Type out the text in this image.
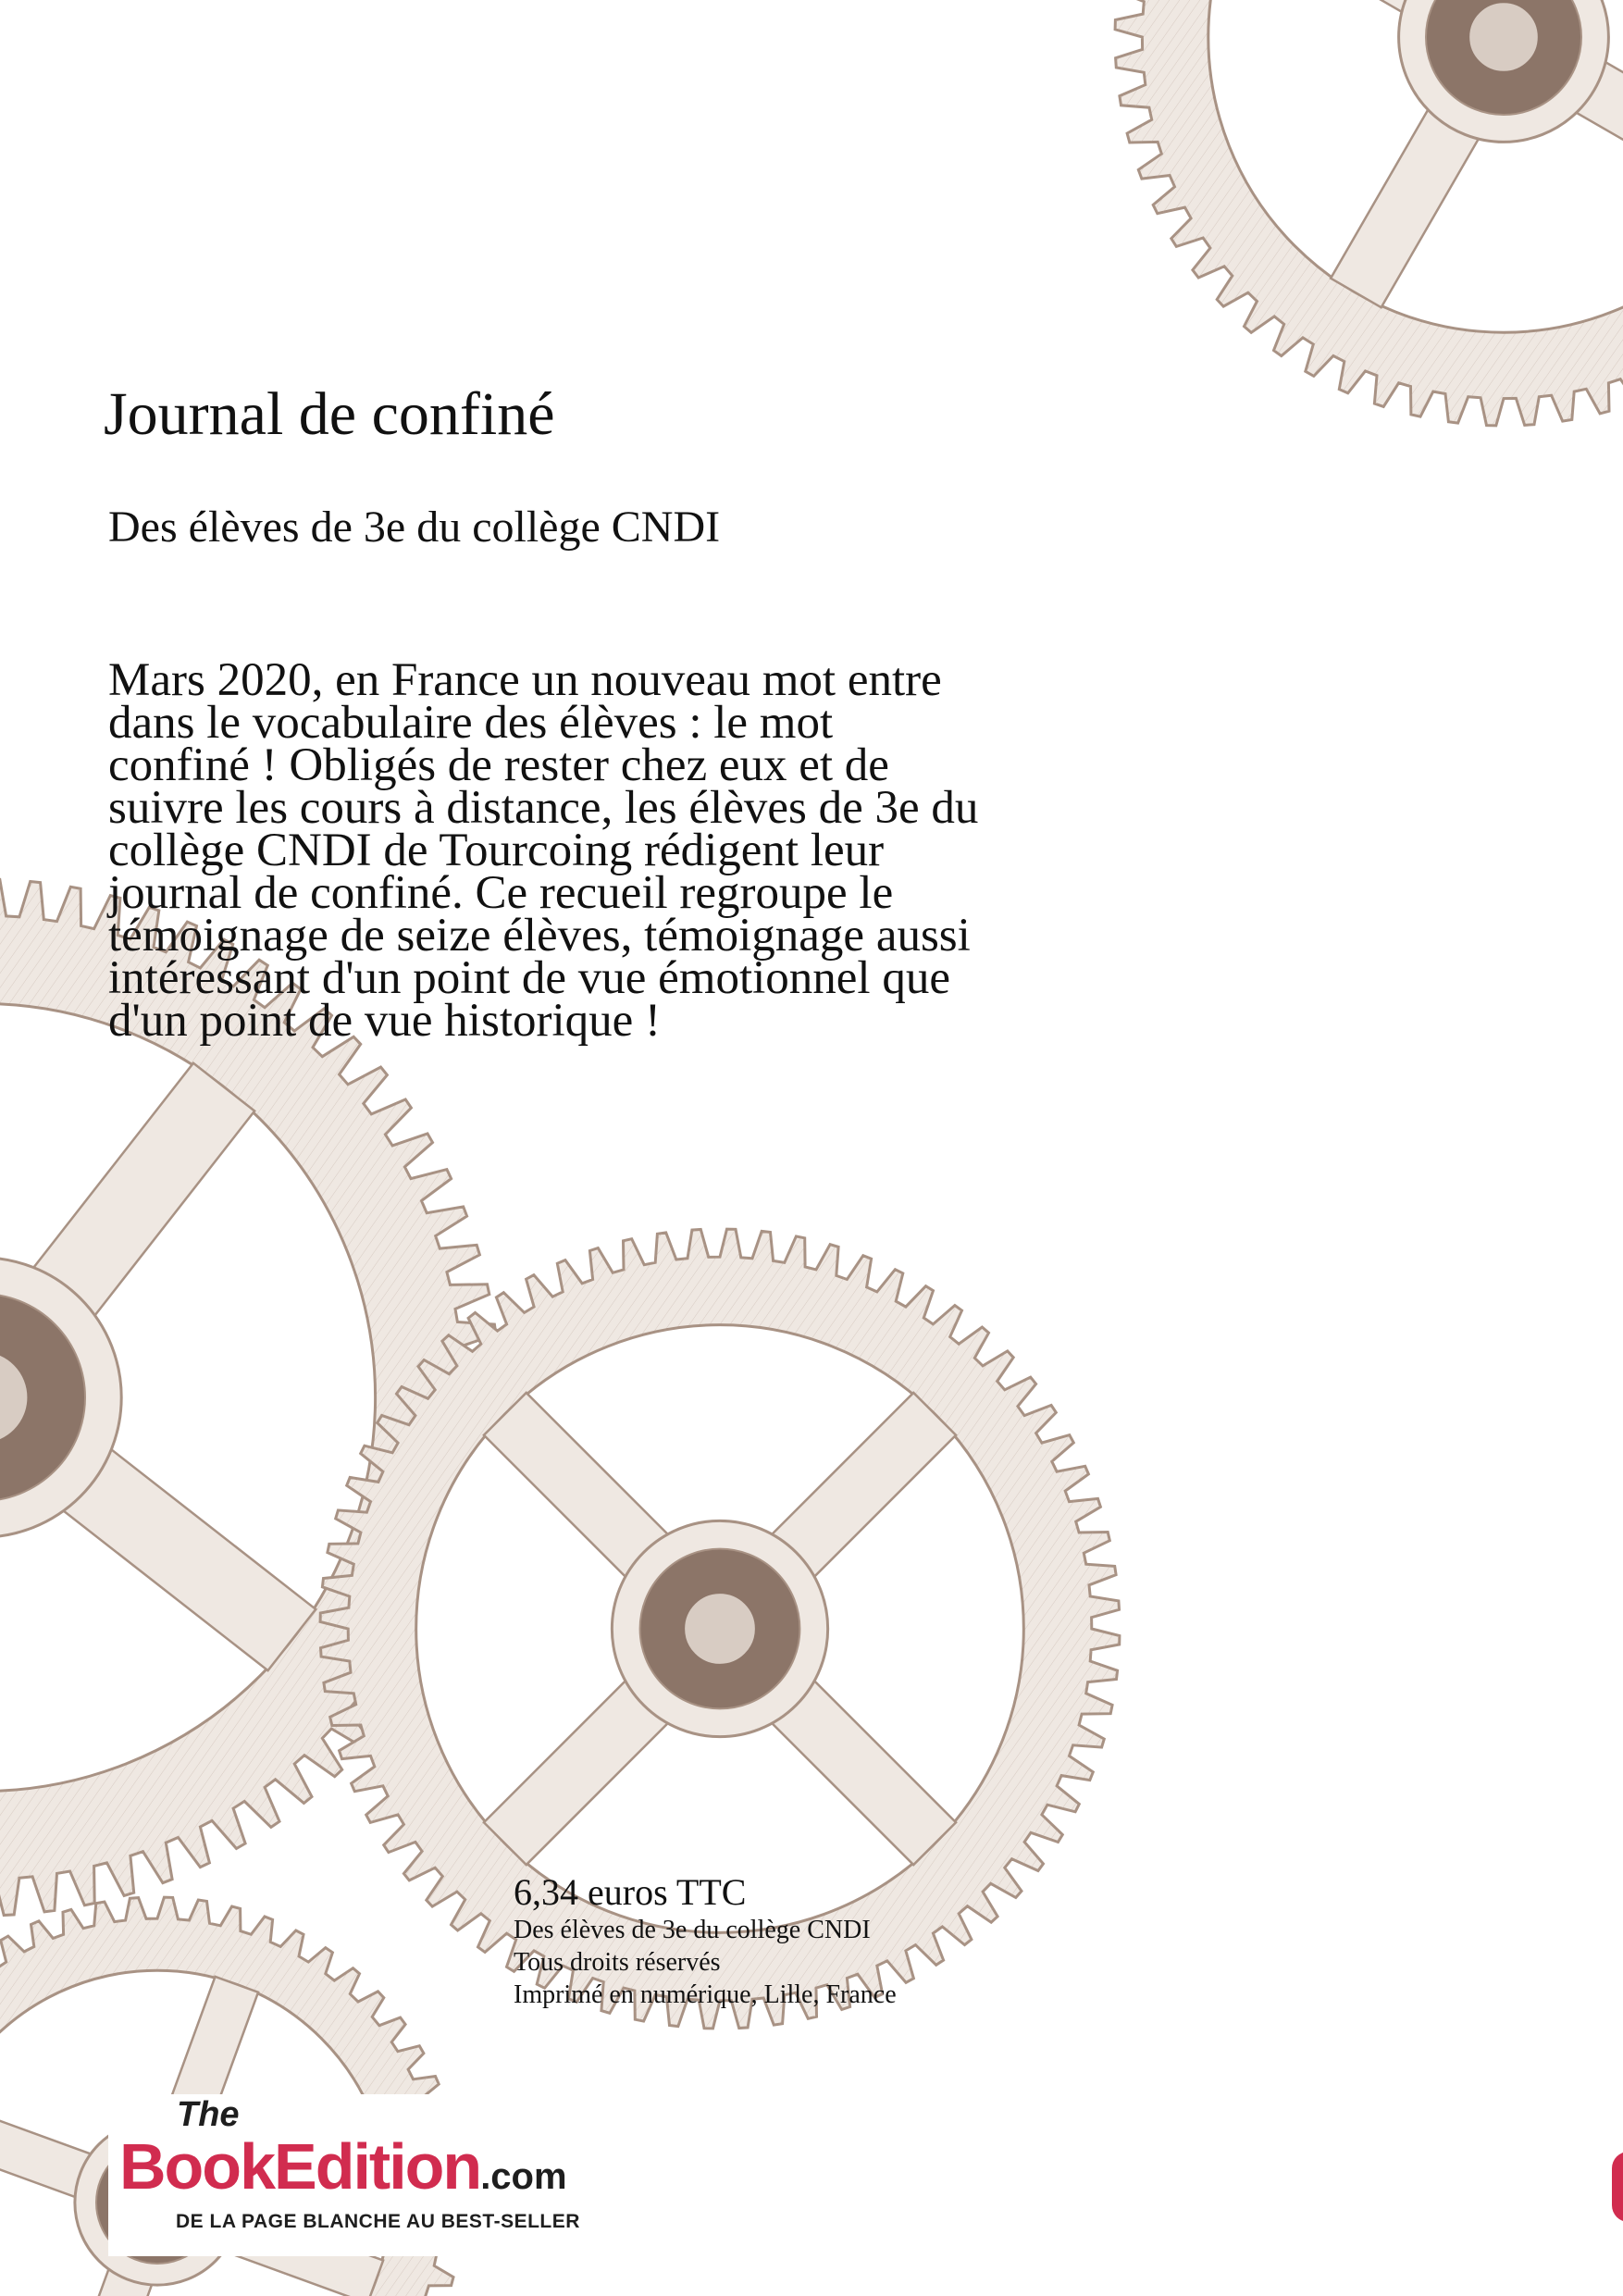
Journal de confiné
Des élèves de 3e du collège CNDI
Mars 2020, en France un nouveau mot entre
dans le vocabulaire des élèves : le mot
confiné ! Obligés de rester chez eux et de
suivre les cours à distance, les élèves de 3e du
collège CNDI de Tourcoing rédigent leur
journal de confiné. Ce recueil regroupe le
témoignage de seize élèves, témoignage aussi
intéressant d'un point de vue émotionnel que
d'un point de vue historique !
6,34 euros TTC
Des élèves de 3e du collège CNDI
Tous droits réservés
Imprimé en numérique, Lille, France
The
BookEdition.com
DE LA PAGE BLANCHE AU BEST-SELLER
